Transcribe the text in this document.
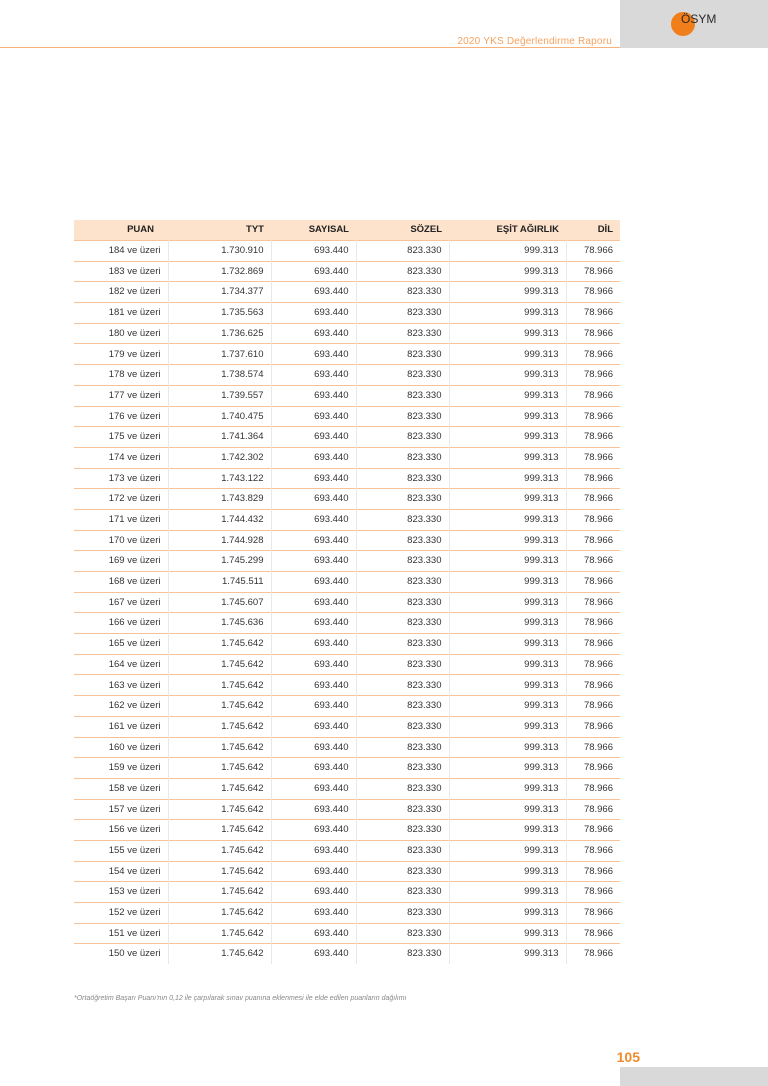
2020 YKS Değerlendirme Raporu
ÖSYM
PUAN	TYT	SAYISAL	SÖZEL	EŞİT AĞIRLIK	DİL
184 ve üzeri	1.730.910	693.440	823.330	999.313	78.966
183 ve üzeri	1.732.869	693.440	823.330	999.313	78.966
182 ve üzeri	1.734.377	693.440	823.330	999.313	78.966
181 ve üzeri	1.735.563	693.440	823.330	999.313	78.966
180 ve üzeri	1.736.625	693.440	823.330	999.313	78.966
179 ve üzeri	1.737.610	693.440	823.330	999.313	78.966
178 ve üzeri	1.738.574	693.440	823.330	999.313	78.966
177 ve üzeri	1.739.557	693.440	823.330	999.313	78.966
176 ve üzeri	1.740.475	693.440	823.330	999.313	78.966
175 ve üzeri	1.741.364	693.440	823.330	999.313	78.966
174 ve üzeri	1.742.302	693.440	823.330	999.313	78.966
173 ve üzeri	1.743.122	693.440	823.330	999.313	78.966
172 ve üzeri	1.743.829	693.440	823.330	999.313	78.966
171 ve üzeri	1.744.432	693.440	823.330	999.313	78.966
170 ve üzeri	1.744.928	693.440	823.330	999.313	78.966
169 ve üzeri	1.745.299	693.440	823.330	999.313	78.966
168 ve üzeri	1.745.511	693.440	823.330	999.313	78.966
167 ve üzeri	1.745.607	693.440	823.330	999.313	78.966
166 ve üzeri	1.745.636	693.440	823.330	999.313	78.966
165 ve üzeri	1.745.642	693.440	823.330	999.313	78.966
164 ve üzeri	1.745.642	693.440	823.330	999.313	78.966
163 ve üzeri	1.745.642	693.440	823.330	999.313	78.966
162 ve üzeri	1.745.642	693.440	823.330	999.313	78.966
161 ve üzeri	1.745.642	693.440	823.330	999.313	78.966
160 ve üzeri	1.745.642	693.440	823.330	999.313	78.966
159 ve üzeri	1.745.642	693.440	823.330	999.313	78.966
158 ve üzeri	1.745.642	693.440	823.330	999.313	78.966
157 ve üzeri	1.745.642	693.440	823.330	999.313	78.966
156 ve üzeri	1.745.642	693.440	823.330	999.313	78.966
155 ve üzeri	1.745.642	693.440	823.330	999.313	78.966
154 ve üzeri	1.745.642	693.440	823.330	999.313	78.966
153 ve üzeri	1.745.642	693.440	823.330	999.313	78.966
152 ve üzeri	1.745.642	693.440	823.330	999.313	78.966
151 ve üzeri	1.745.642	693.440	823.330	999.313	78.966
150 ve üzeri	1.745.642	693.440	823.330	999.313	78.966
*Ortaöğretim Başarı Puanı'nın 0,12 ile çarpılarak sınav puanına eklenmesi ile elde edilen puanların dağılımı
105
